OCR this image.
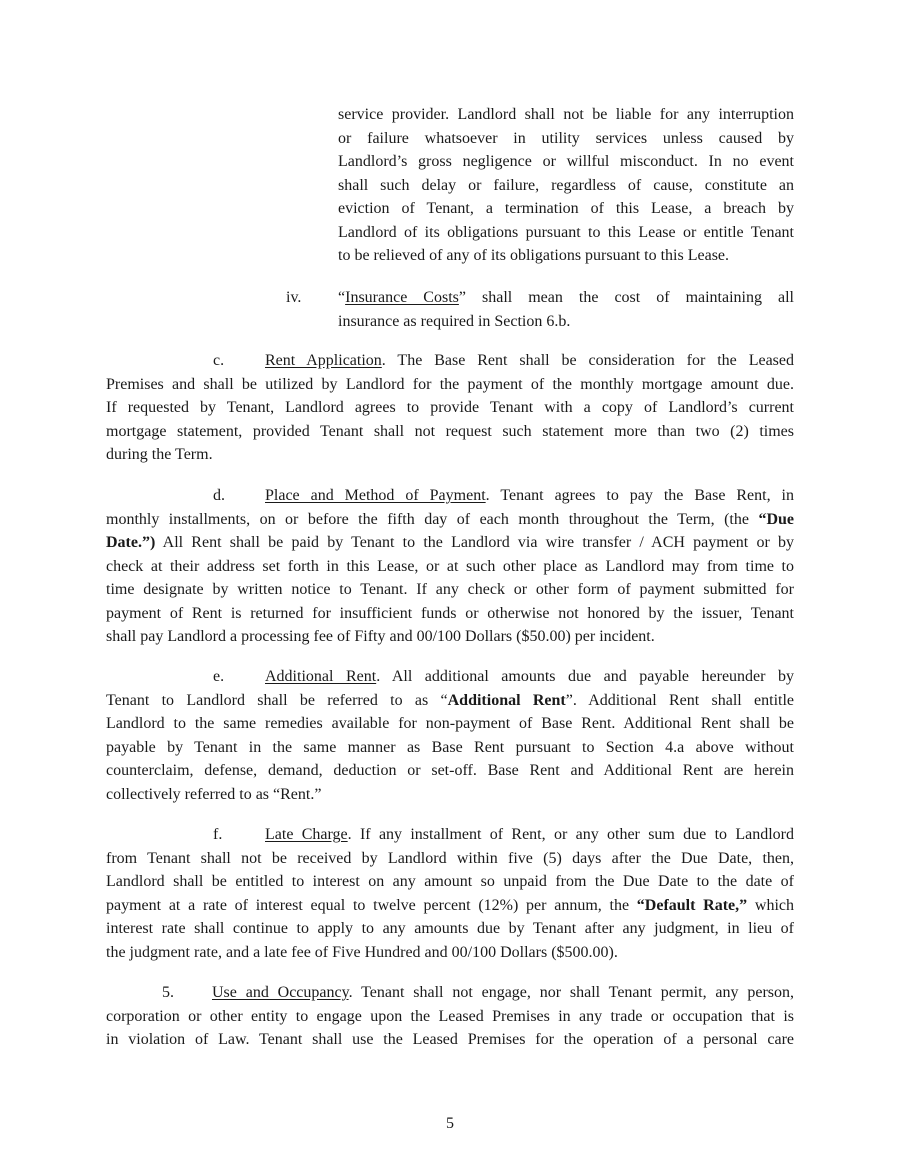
service provider. Landlord shall not be liable for any interruption
or failure whatsoever in utility services unless caused by
Landlord’s gross negligence or willful misconduct. In no event
shall such delay or failure, regardless of cause, constitute an
eviction of Tenant, a termination of this Lease, a breach by
Landlord of its obligations pursuant to this Lease or entitle Tenant
to be relieved of any of its obligations pursuant to this Lease.
iv. “Insurance Costs” shall mean the cost of maintaining all
insurance as required in Section 6.b.
c.	Rent Application. The Base Rent shall be consideration for the Leased
Premises and shall be utilized by Landlord for the payment of the monthly mortgage amount due.
If requested by Tenant, Landlord agrees to provide Tenant with a copy of Landlord’s current
mortgage statement, provided Tenant shall not request such statement more than two (2) times
during the Term.
d.	Place and Method of Payment. Tenant agrees to pay the Base Rent, in
monthly installments, on or before the fifth day of each month throughout the Term, (the “Due
Date.”) All Rent shall be paid by Tenant to the Landlord via wire transfer / ACH payment or by
check at their address set forth in this Lease, or at such other place as Landlord may from time to
time designate by written notice to Tenant. If any check or other form of payment submitted for
payment of Rent is returned for insufficient funds or otherwise not honored by the issuer, Tenant
shall pay Landlord a processing fee of Fifty and 00/100 Dollars ($50.00) per incident.
e.	Additional Rent. All additional amounts due and payable hereunder by
Tenant to Landlord shall be referred to as “Additional Rent”. Additional Rent shall entitle
Landlord to the same remedies available for non-payment of Base Rent. Additional Rent shall be
payable by Tenant in the same manner as Base Rent pursuant to Section 4.a above without
counterclaim, defense, demand, deduction or set-off. Base Rent and Additional Rent are herein
collectively referred to as “Rent.”
f.	Late Charge. If any installment of Rent, or any other sum due to Landlord
from Tenant shall not be received by Landlord within five (5) days after the Due Date, then,
Landlord shall be entitled to interest on any amount so unpaid from the Due Date to the date of
payment at a rate of interest equal to twelve percent (12%) per annum, the “Default Rate,” which
interest rate shall continue to apply to any amounts due by Tenant after any judgment, in lieu of
the judgment rate, and a late fee of Five Hundred and 00/100 Dollars ($500.00).
5. Use and Occupancy. Tenant shall not engage, nor shall Tenant permit, any person,
corporation or other entity to engage upon the Leased Premises in any trade or occupation that is
in violation of Law. Tenant shall use the Leased Premises for the operation of a personal care
5
